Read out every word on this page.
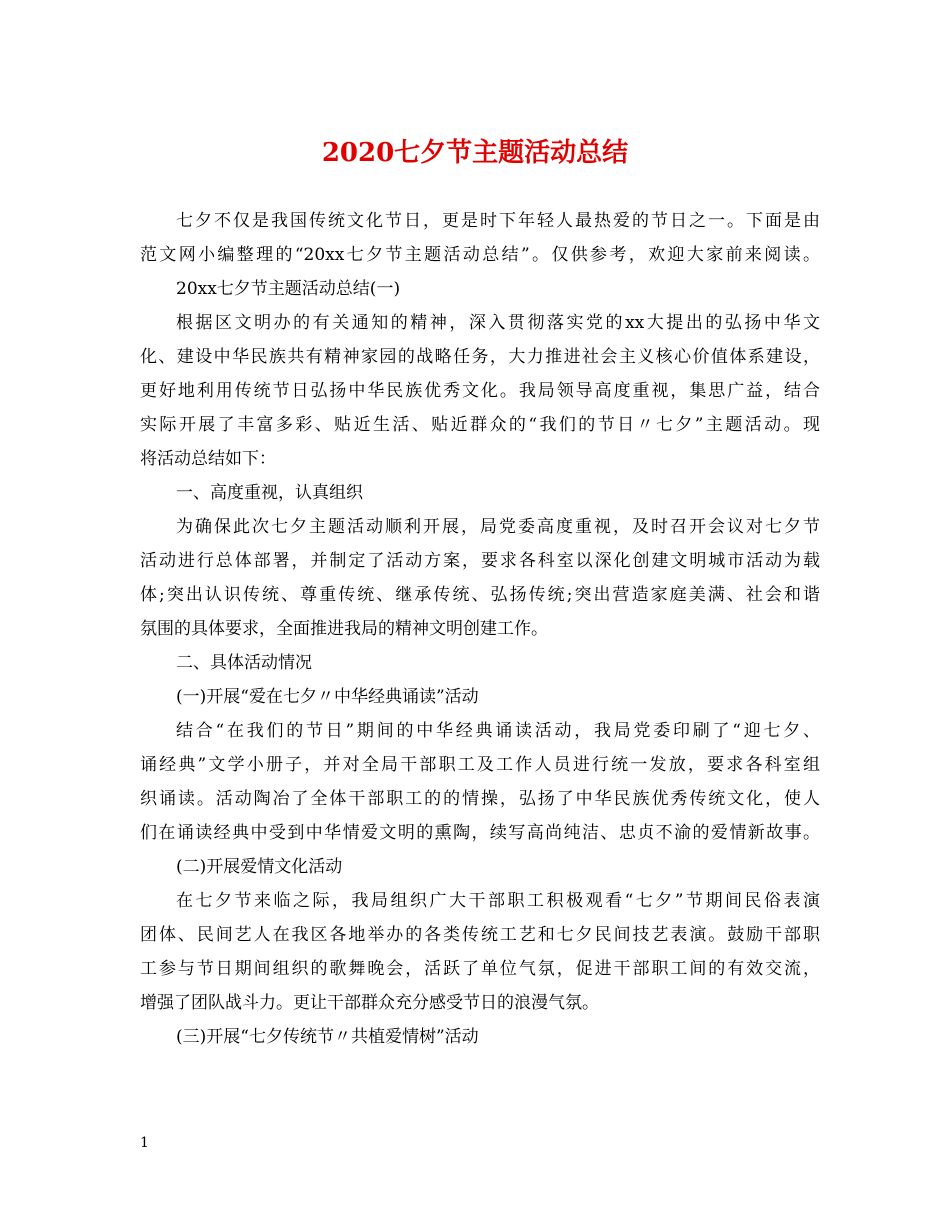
2020七夕节主题活动总结
七夕不仅是我国传统文化节日，更是时下年轻人最热爱的节日之一。下面是由
范文网小编整理的“20xx七夕节主题活动总结”。仅供参考，欢迎大家前来阅读。
20xx七夕节主题活动总结(一)
根据区文明办的有关通知的精神，深入贯彻落实党的xx大提出的弘扬中华文
化、建设中华民族共有精神家园的战略任务，大力推进社会主义核心价值体系建设，
更好地利用传统节日弘扬中华民族优秀文化。我局领导高度重视，集思广益，结合
实际开展了丰富多彩、贴近生活、贴近群众的“我们的节日〃七夕”主题活动。现
将活动总结如下：
一、高度重视，认真组织
为确保此次七夕主题活动顺利开展，局党委高度重视，及时召开会议对七夕节
活动进行总体部署，并制定了活动方案，要求各科室以深化创建文明城市活动为载
体;突出认识传统、尊重传统、继承传统、弘扬传统;突出营造家庭美满、社会和谐
氛围的具体要求，全面推进我局的精神文明创建工作。
二、具体活动情况
(一)开展“爱在七夕〃中华经典诵读”活动
结合“在我们的节日”期间的中华经典诵读活动，我局党委印刷了“迎七夕、
诵经典”文学小册子，并对全局干部职工及工作人员进行统一发放，要求各科室组
织诵读。活动陶冶了全体干部职工的的情操，弘扬了中华民族优秀传统文化，使人
们在诵读经典中受到中华情爱文明的熏陶，续写高尚纯洁、忠贞不渝的爱情新故事。
(二)开展爱情文化活动
在七夕节来临之际，我局组织广大干部职工积极观看“七夕”节期间民俗表演
团体、民间艺人在我区各地举办的各类传统工艺和七夕民间技艺表演。鼓励干部职
工参与节日期间组织的歌舞晚会，活跃了单位气氛，促进干部职工间的有效交流，
增强了团队战斗力。更让干部群众充分感受节日的浪漫气氛。
(三)开展“七夕传统节〃共植爱情树”活动
1
